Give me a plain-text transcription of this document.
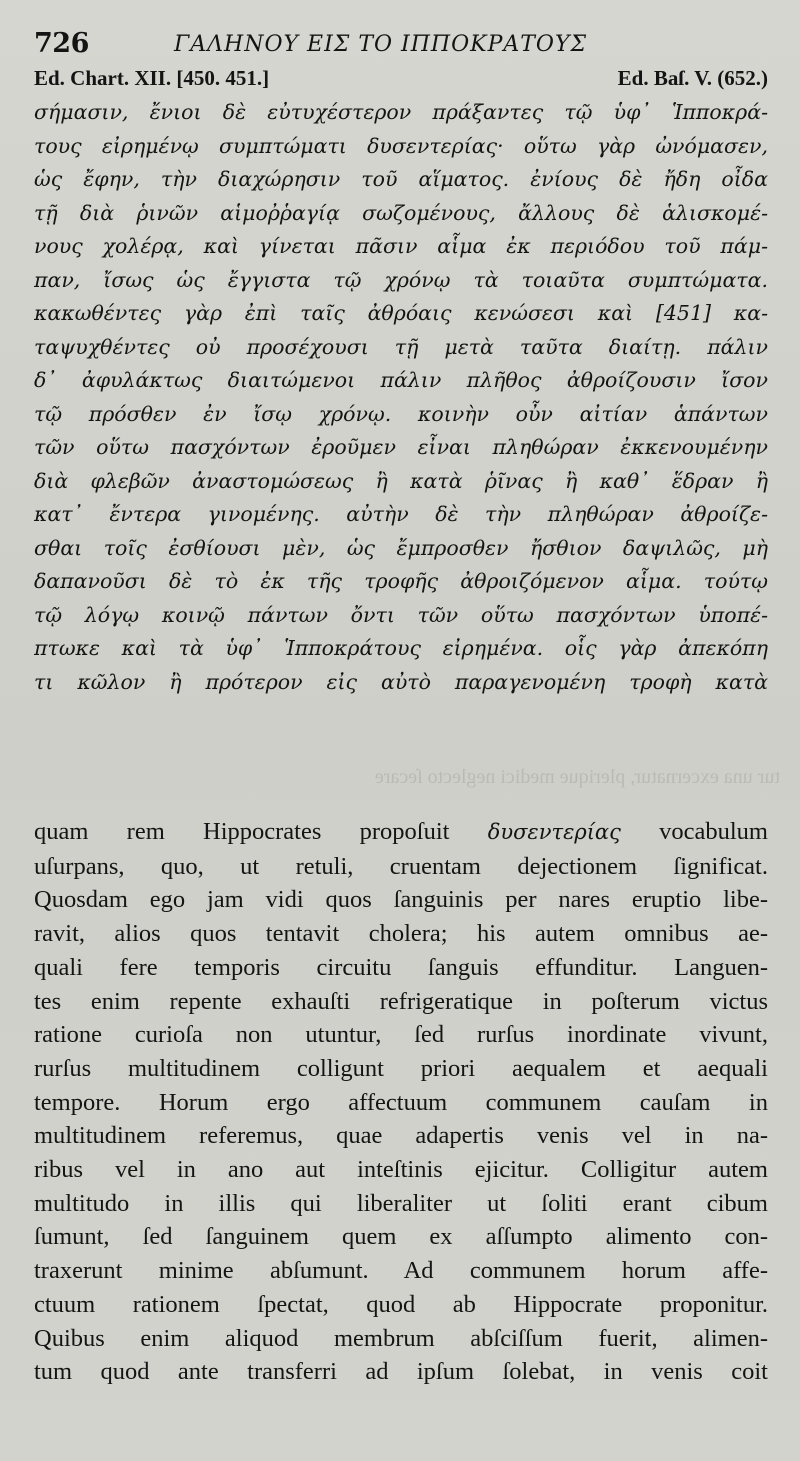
726	ΓΑΛΗΝΟΥ ΕΙΣ ΤΟ ΙΠΠΟΚΡΑΤΟΥΣ
Ed. Chart. XII. [450. 451.]	Ed. Baſ. V. (652.)
σήμασιν, ἔνιοι δὲ εὐτυχέστερον πράξαντες τῷ ὑφ᾽ Ἱπποκρά-
τους εἰρημένῳ συμπτώματι δυσεντερίας· οὕτω γὰρ ὠνόμασεν,
ὡς ἔφην, τὴν διαχώρησιν τοῦ αἵματος. ἐνίους δὲ ἤδη οἶδα
τῇ διὰ ῥινῶν αἱμοῤῥαγίᾳ σωζομένους, ἄλλους δὲ ἁλισκομέ-
νους χολέρᾳ, καὶ γίνεται πᾶσιν αἷμα ἐκ περιόδου τοῦ πάμ-
παν, ἴσως ὡς ἔγγιστα τῷ χρόνῳ τὰ τοιαῦτα συμπτώματα.
κακωθέντες γὰρ ἐπὶ ταῖς ἀθρόαις κενώσεσι καὶ [451] κα-
ταψυχθέντες οὐ προσέχουσι τῇ μετὰ ταῦτα διαίτῃ. πάλιν
δ᾽ ἀφυλάκτως διαιτώμενοι πάλιν πλῆθος ἀθροίζουσιν ἴσον
τῷ πρόσθεν ἐν ἴσῳ χρόνῳ. κοινὴν οὖν αἰτίαν ἁπάντων
τῶν οὕτω πασχόντων ἐροῦμεν εἶναι πληθώραν ἐκκενουμένην
διὰ φλεβῶν ἀναστομώσεως ἢ κατὰ ῥῖνας ἢ καθ᾽ ἕδραν ἢ
κατ᾽ ἔντερα γινομένης. αὐτὴν δὲ τὴν πληθώραν ἀθροίζε-
σθαι τοῖς ἐσθίουσι μὲν, ὡς ἔμπροσθεν ἤσθιον δαψιλῶς, μὴ
δαπανοῦσι δὲ τὸ ἐκ τῆς τροφῆς ἀθροιζόμενον αἷμα. τούτῳ
τῷ λόγῳ κοινῷ πάντων ὄντι τῶν οὕτω πασχόντων ὑποπέ-
πτωκε καὶ τὰ ὑφ᾽ Ἱπποκράτους εἰρημένα. οἷς γὰρ ἀπεκόπη
τι κῶλον ἢ πρότερον εἰς αὐτὸ παραγενομένη τροφὴ κατὰ
tur una excernatur, plerique medici neglecto ſecare
quam rem Hippocrates propoſuit δυσεντερίας vocabulum
uſurpans, quo, ut retuli, cruentam dejectionem ſignificat.
Quosdam ego jam vidi quos ſanguinis per nares eruptio libe-
ravit, alios quos tentavit cholera; his autem omnibus ae-
quali fere temporis circuitu ſanguis effunditur. Languen-
tes enim repente exhauſti refrigeratique in poſterum victus
ratione curioſa non utuntur, ſed rurſus inordinate vivunt,
rurſus multitudinem colligunt priori aequalem et aequali
tempore. Horum ergo affectuum communem cauſam in
multitudinem referemus, quae adapertis venis vel in na-
ribus vel in ano aut inteſtinis ejicitur. Colligitur autem
multitudo in illis qui liberaliter ut ſoliti erant cibum
ſumunt, ſed ſanguinem quem ex aſſumpto alimento con-
traxerunt minime abſumunt. Ad communem horum affe-
ctuum rationem ſpectat, quod ab Hippocrate proponitur.
Quibus enim aliquod membrum abſciſſum fuerit, alimen-
tum quod ante transferri ad ipſum ſolebat, in venis coit
